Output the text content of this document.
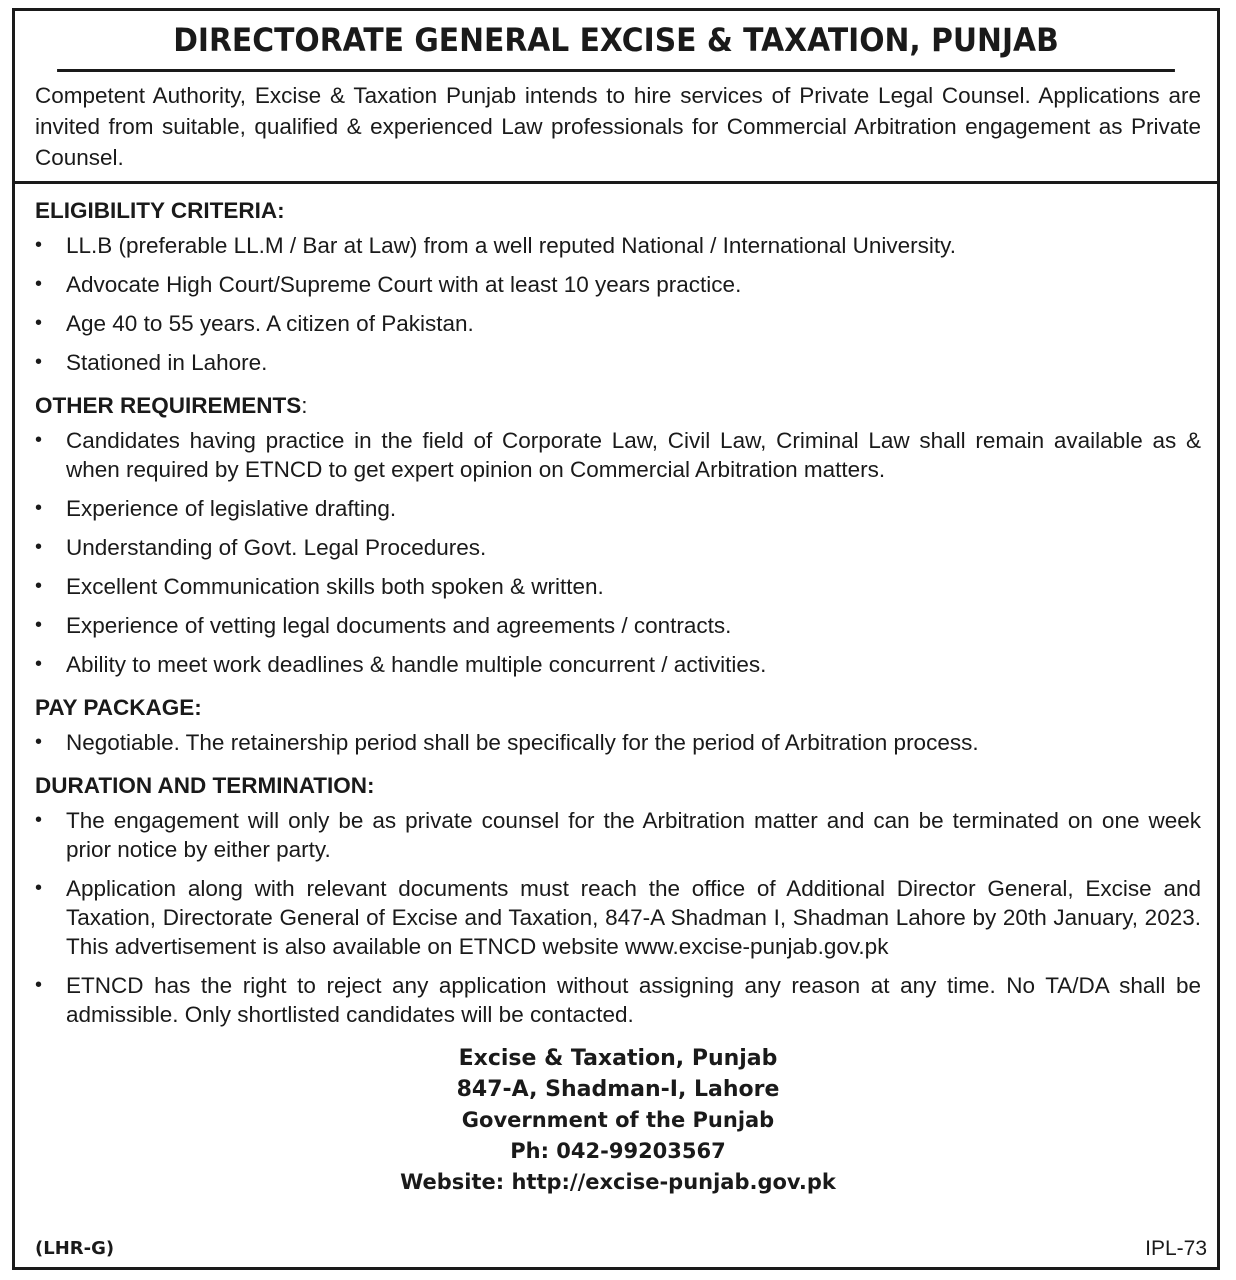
DIRECTORATE GENERAL EXCISE & TAXATION, PUNJAB
Competent Authority, Excise & Taxation Punjab intends to hire services of Private Legal Counsel. Applications are invited from suitable, qualified & experienced Law professionals for Commercial Arbitration engagement as Private Counsel.
ELIGIBILITY CRITERIA:
• LL.B (preferable LL.M / Bar at Law) from a well reputed National / International University.
• Advocate High Court/Supreme Court with at least 10 years practice.
• Age 40 to 55 years. A citizen of Pakistan.
• Stationed in Lahore.
OTHER REQUIREMENTS:
• Candidates having practice in the field of Corporate Law, Civil Law, Criminal Law shall remain available as & when required by ETNCD to get expert opinion on Commercial Arbitration matters.
• Experience of legislative drafting.
• Understanding of Govt. Legal Procedures.
• Excellent Communication skills both spoken & written.
• Experience of vetting legal documents and agreements / contracts.
• Ability to meet work deadlines & handle multiple concurrent / activities.
PAY PACKAGE:
• Negotiable. The retainership period shall be specifically for the period of Arbitration process.
DURATION AND TERMINATION:
• The engagement will only be as private counsel for the Arbitration matter and can be terminated on one week prior notice by either party.
• Application along with relevant documents must reach the office of Additional Director General, Excise and Taxation, Directorate General of Excise and Taxation, 847-A Shadman I, Shadman Lahore by 20th January, 2023. This advertisement is also available on ETNCD website www.excise-punjab.gov.pk
• ETNCD has the right to reject any application without assigning any reason at any time. No TA/DA shall be admissible. Only shortlisted candidates will be contacted.
Excise & Taxation, Punjab
847-A, Shadman-I, Lahore
Government of the Punjab
Ph: 042-99203567
Website: http://excise-punjab.gov.pk
(LHR-G)	IPL-73
